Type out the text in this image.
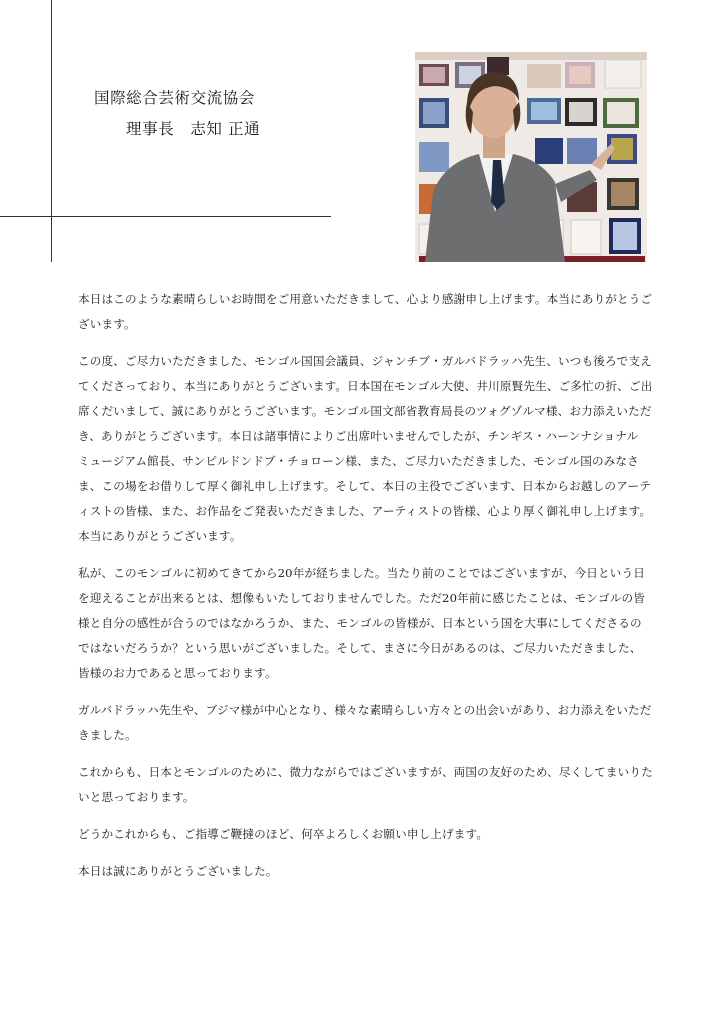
国際総合芸術交流協会
理事長 志知 正通

本日はこのような素晴らしいお時間をご用意いただきまして、心より感謝申し上げます。本当にありがとうございます。

この度、ご尽力いただきました、モンゴル国国会議員、ジャンチブ・ガルバドラッハ先生、いつも後ろで支えてくださっており、本当にありがとうございます。日本国在モンゴル大使、井川原賢先生、ご多忙の折、ご出席くだいまして、誠にありがとうございます。モンゴル国文部省教育局長のツォグゾルマ様、お力添えいただき、ありがとうございます。本日は諸事情によりご出席叶いませんでしたが、チンギス・ハーンナショナル ミュージアム館長、サンピルドンドブ・チョローン様、また、ご尽力いただきました、モンゴル国のみなさま、この場をお借りして厚く御礼申し上げます。そして、本日の主役でございます、日本からお越しのアーティストの皆様、また、お作品をご発表いただきました、アーティストの皆様、心より厚く御礼申し上げます。本当にありがとうございます。

私が、このモンゴルに初めてきてから20年が経ちました。当たり前のことではございますが、今日という日を迎えることが出来るとは、想像もいたしておりませんでした。ただ20年前に感じたことは、モンゴルの皆様と自分の感性が合うのではなかろうか、また、モンゴルの皆様が、日本という国を大事にしてくださるのではないだろうか？という思いがございました。そして、まさに今日があるのは、ご尽力いただきました、皆様のお力であると思っております。

ガルバドラッハ先生や、ブジマ様が中心となり、様々な素晴らしい方々との出会いがあり、お力添えをいただきました。

これからも、日本とモンゴルのために、微力ながらではございますが、両国の友好のため、尽くしてまいりたいと思っております。

どうかこれからも、ご指導ご鞭撻のほど、何卒よろしくお願い申し上げます。

本日は誠にありがとうございました。
